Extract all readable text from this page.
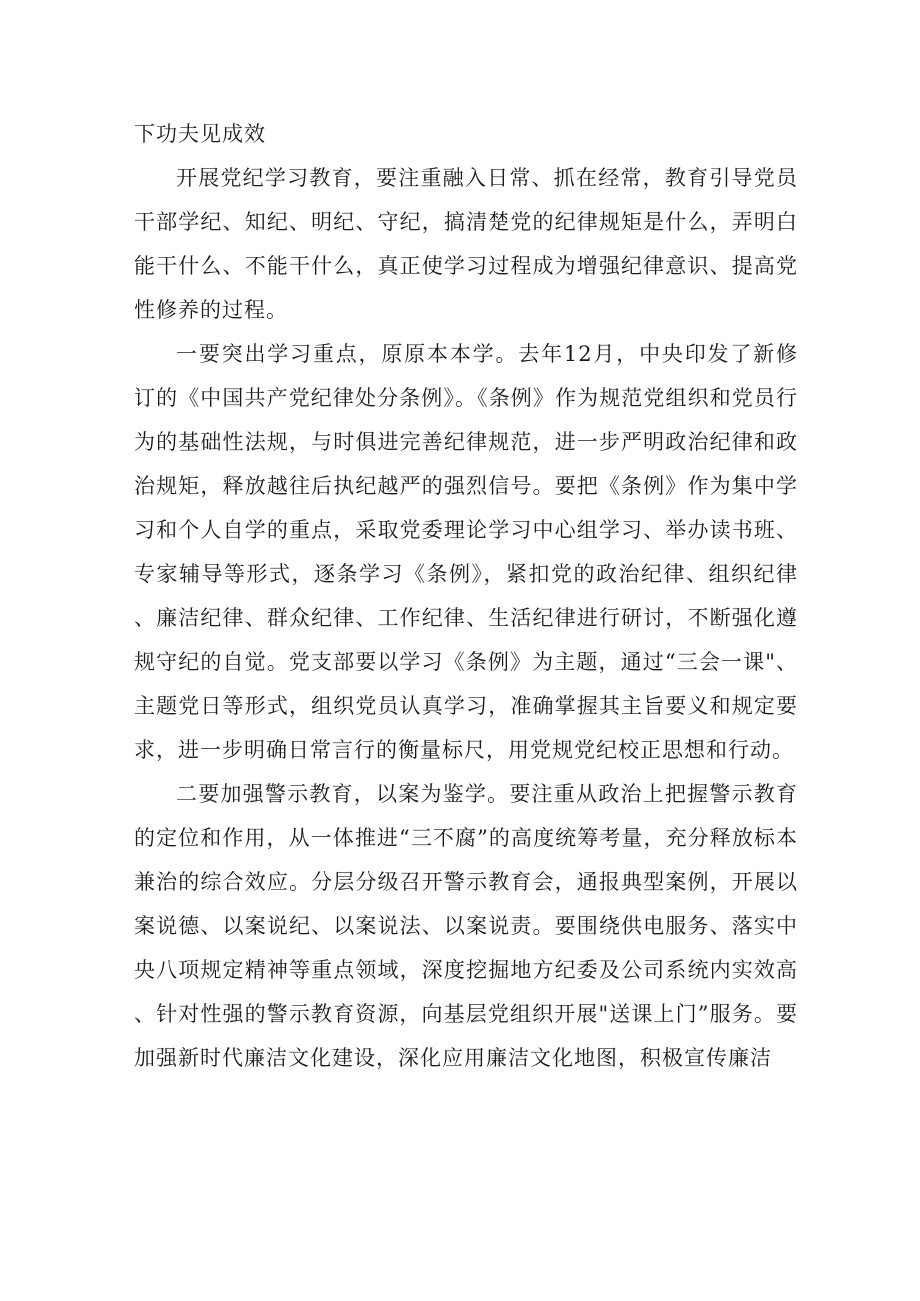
下功夫见成效

开展党纪学习教育，要注重融入日常、抓在经常，教育引导党员干部学纪、知纪、明纪、守纪，搞清楚党的纪律规矩是什么，弄明白能干什么、不能干什么，真正使学习过程成为增强纪律意识、提高党性修养的过程。

一要突出学习重点，原原本本学。去年12月，中央印发了新修订的《中国共产党纪律处分条例》。《条例》作为规范党组织和党员行为的基础性法规，与时俱进完善纪律规范，进一步严明政治纪律和政治规矩，释放越往后执纪越严的强烈信号。要把《条例》作为集中学习和个人自学的重点，采取党委理论学习中心组学习、举办读书班、专家辅导等形式，逐条学习《条例》，紧扣党的政治纪律、组织纪律、廉洁纪律、群众纪律、工作纪律、生活纪律进行研讨，不断强化遵规守纪的自觉。党支部要以学习《条例》为主题，通过“三会一课"、主题党日等形式，组织党员认真学习，准确掌握其主旨要义和规定要求，进一步明确日常言行的衡量标尺，用党规党纪校正思想和行动。

二要加强警示教育，以案为鉴学。要注重从政治上把握警示教育的定位和作用，从一体推进“三不腐”的高度统筹考量，充分释放标本兼治的综合效应。分层分级召开警示教育会，通报典型案例，开展以案说德、以案说纪、以案说法、以案说责。要围绕供电服务、落实中央八项规定精神等重点领域，深度挖掘地方纪委及公司系统内实效高、针对性强的警示教育资源，向基层党组织开展"送课上门”服务。要加强新时代廉洁文化建设，深化应用廉洁文化地图，积极宣传廉洁
